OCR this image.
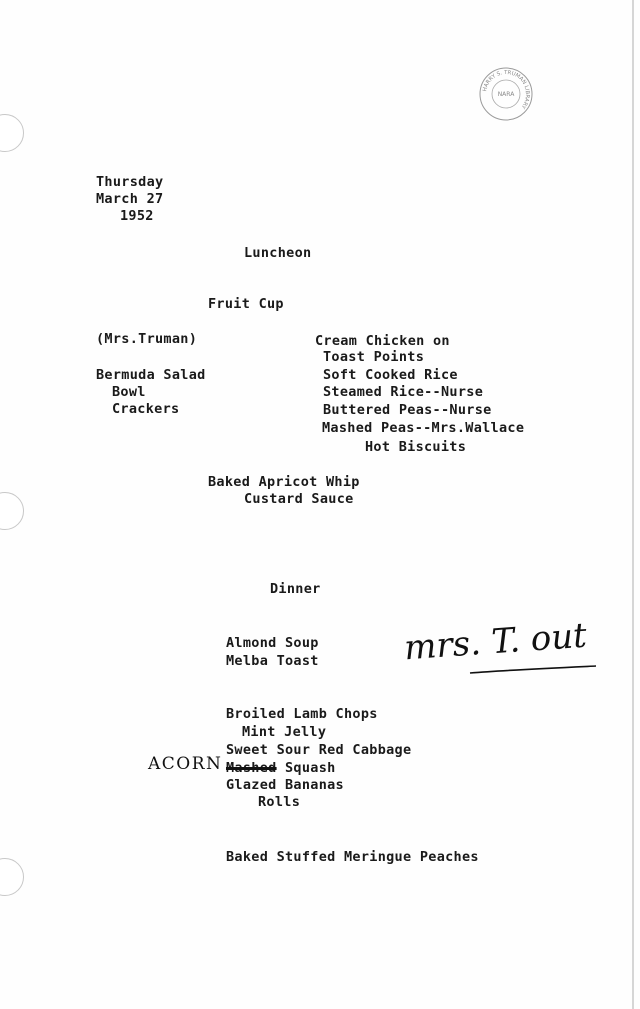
HARRY S. TRUMAN LIBRARY
NARA
Thursday
March 27
1952
Luncheon
Fruit Cup
(Mrs.Truman)
Bermuda Salad
Bowl
Crackers
Cream Chicken on
Toast Points
Soft Cooked Rice
Steamed Rice--Nurse
Buttered Peas--Nurse
Mashed Peas--Mrs.Wallace
Hot Biscuits
Baked Apricot Whip
Custard Sauce
Dinner
Almond Soup
Melba Toast mrs. T. out
Broiled Lamb Chops
Mint Jelly
Sweet Sour Red Cabbage
ACORN Mashed Squash
Glazed Bananas
Rolls
Baked Stuffed Meringue Peaches
